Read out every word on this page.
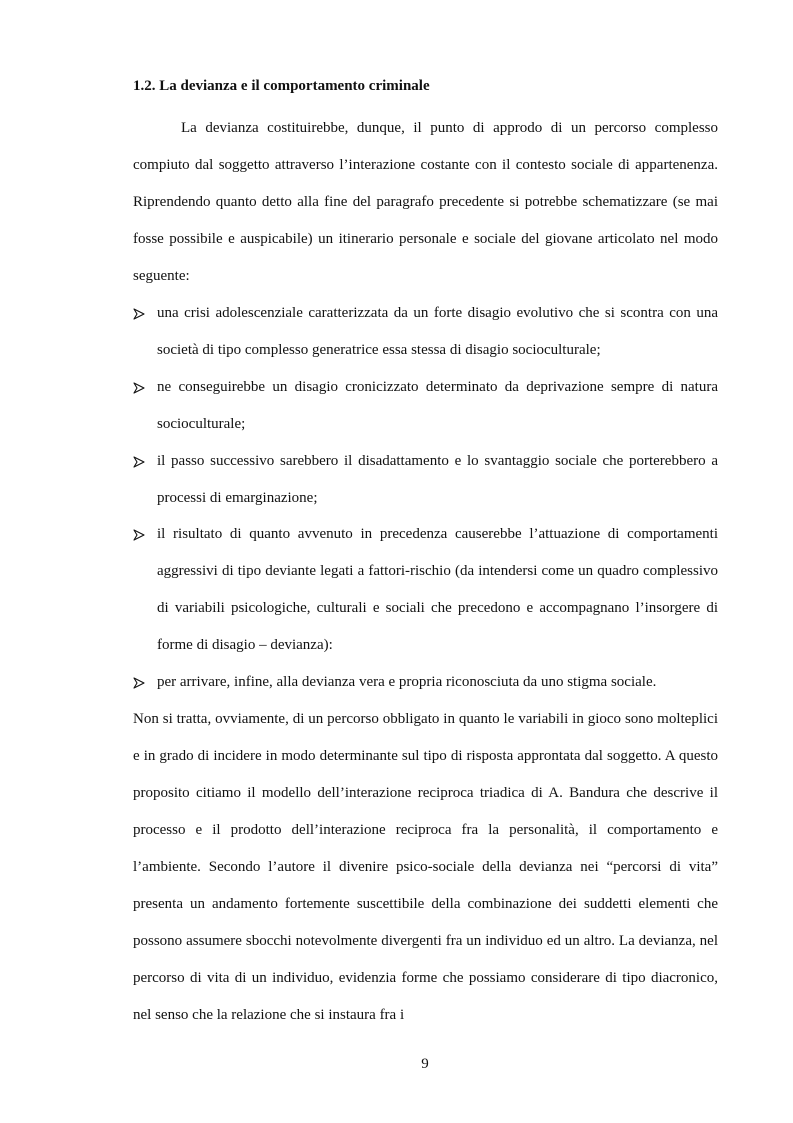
1.2. La devianza e il comportamento criminale

La devianza costituirebbe, dunque, il punto di approdo di un percorso complesso compiuto dal soggetto attraverso l’interazione costante con il contesto sociale di appartenenza. Riprendendo quanto detto alla fine del paragrafo precedente si potrebbe schematizzare (se mai fosse possibile e auspicabile) un itinerario personale e sociale del giovane articolato nel modo seguente:

una crisi adolescenziale caratterizzata da un forte disagio evolutivo che si scontra con una società di tipo complesso generatrice essa stessa di disagio socioculturale;
ne conseguirebbe un disagio cronicizzato determinato da deprivazione sempre di natura socioculturale;
il passo successivo sarebbero il disadattamento e lo svantaggio sociale che porterebbero a processi di emarginazione;
il risultato di quanto avvenuto in precedenza causerebbe l’attuazione di comportamenti aggressivi di tipo deviante legati a fattori-rischio (da intendersi come un quadro complessivo di variabili psicologiche, culturali e sociali che precedono e accompagnano l’insorgere di forme di disagio – devianza):
per arrivare, infine, alla devianza vera e propria riconosciuta da uno stigma sociale.

Non si tratta, ovviamente, di un percorso obbligato in quanto le variabili in gioco sono molteplici e in grado di incidere in modo determinante sul tipo di risposta approntata dal soggetto. A questo proposito citiamo il modello dell’interazione reciproca triadica di A. Bandura che descrive il processo e il prodotto dell’interazione reciproca fra la personalità, il comportamento e l’ambiente. Secondo l’autore il divenire psico-sociale della devianza nei “percorsi di vita” presenta un andamento fortemente suscettibile della combinazione dei suddetti elementi che possono assumere sbocchi notevolmente divergenti fra un individuo ed un altro. La devianza, nel percorso di vita di un individuo, evidenzia forme che possiamo considerare di tipo diacronico, nel senso che la relazione che si instaura fra i

9
